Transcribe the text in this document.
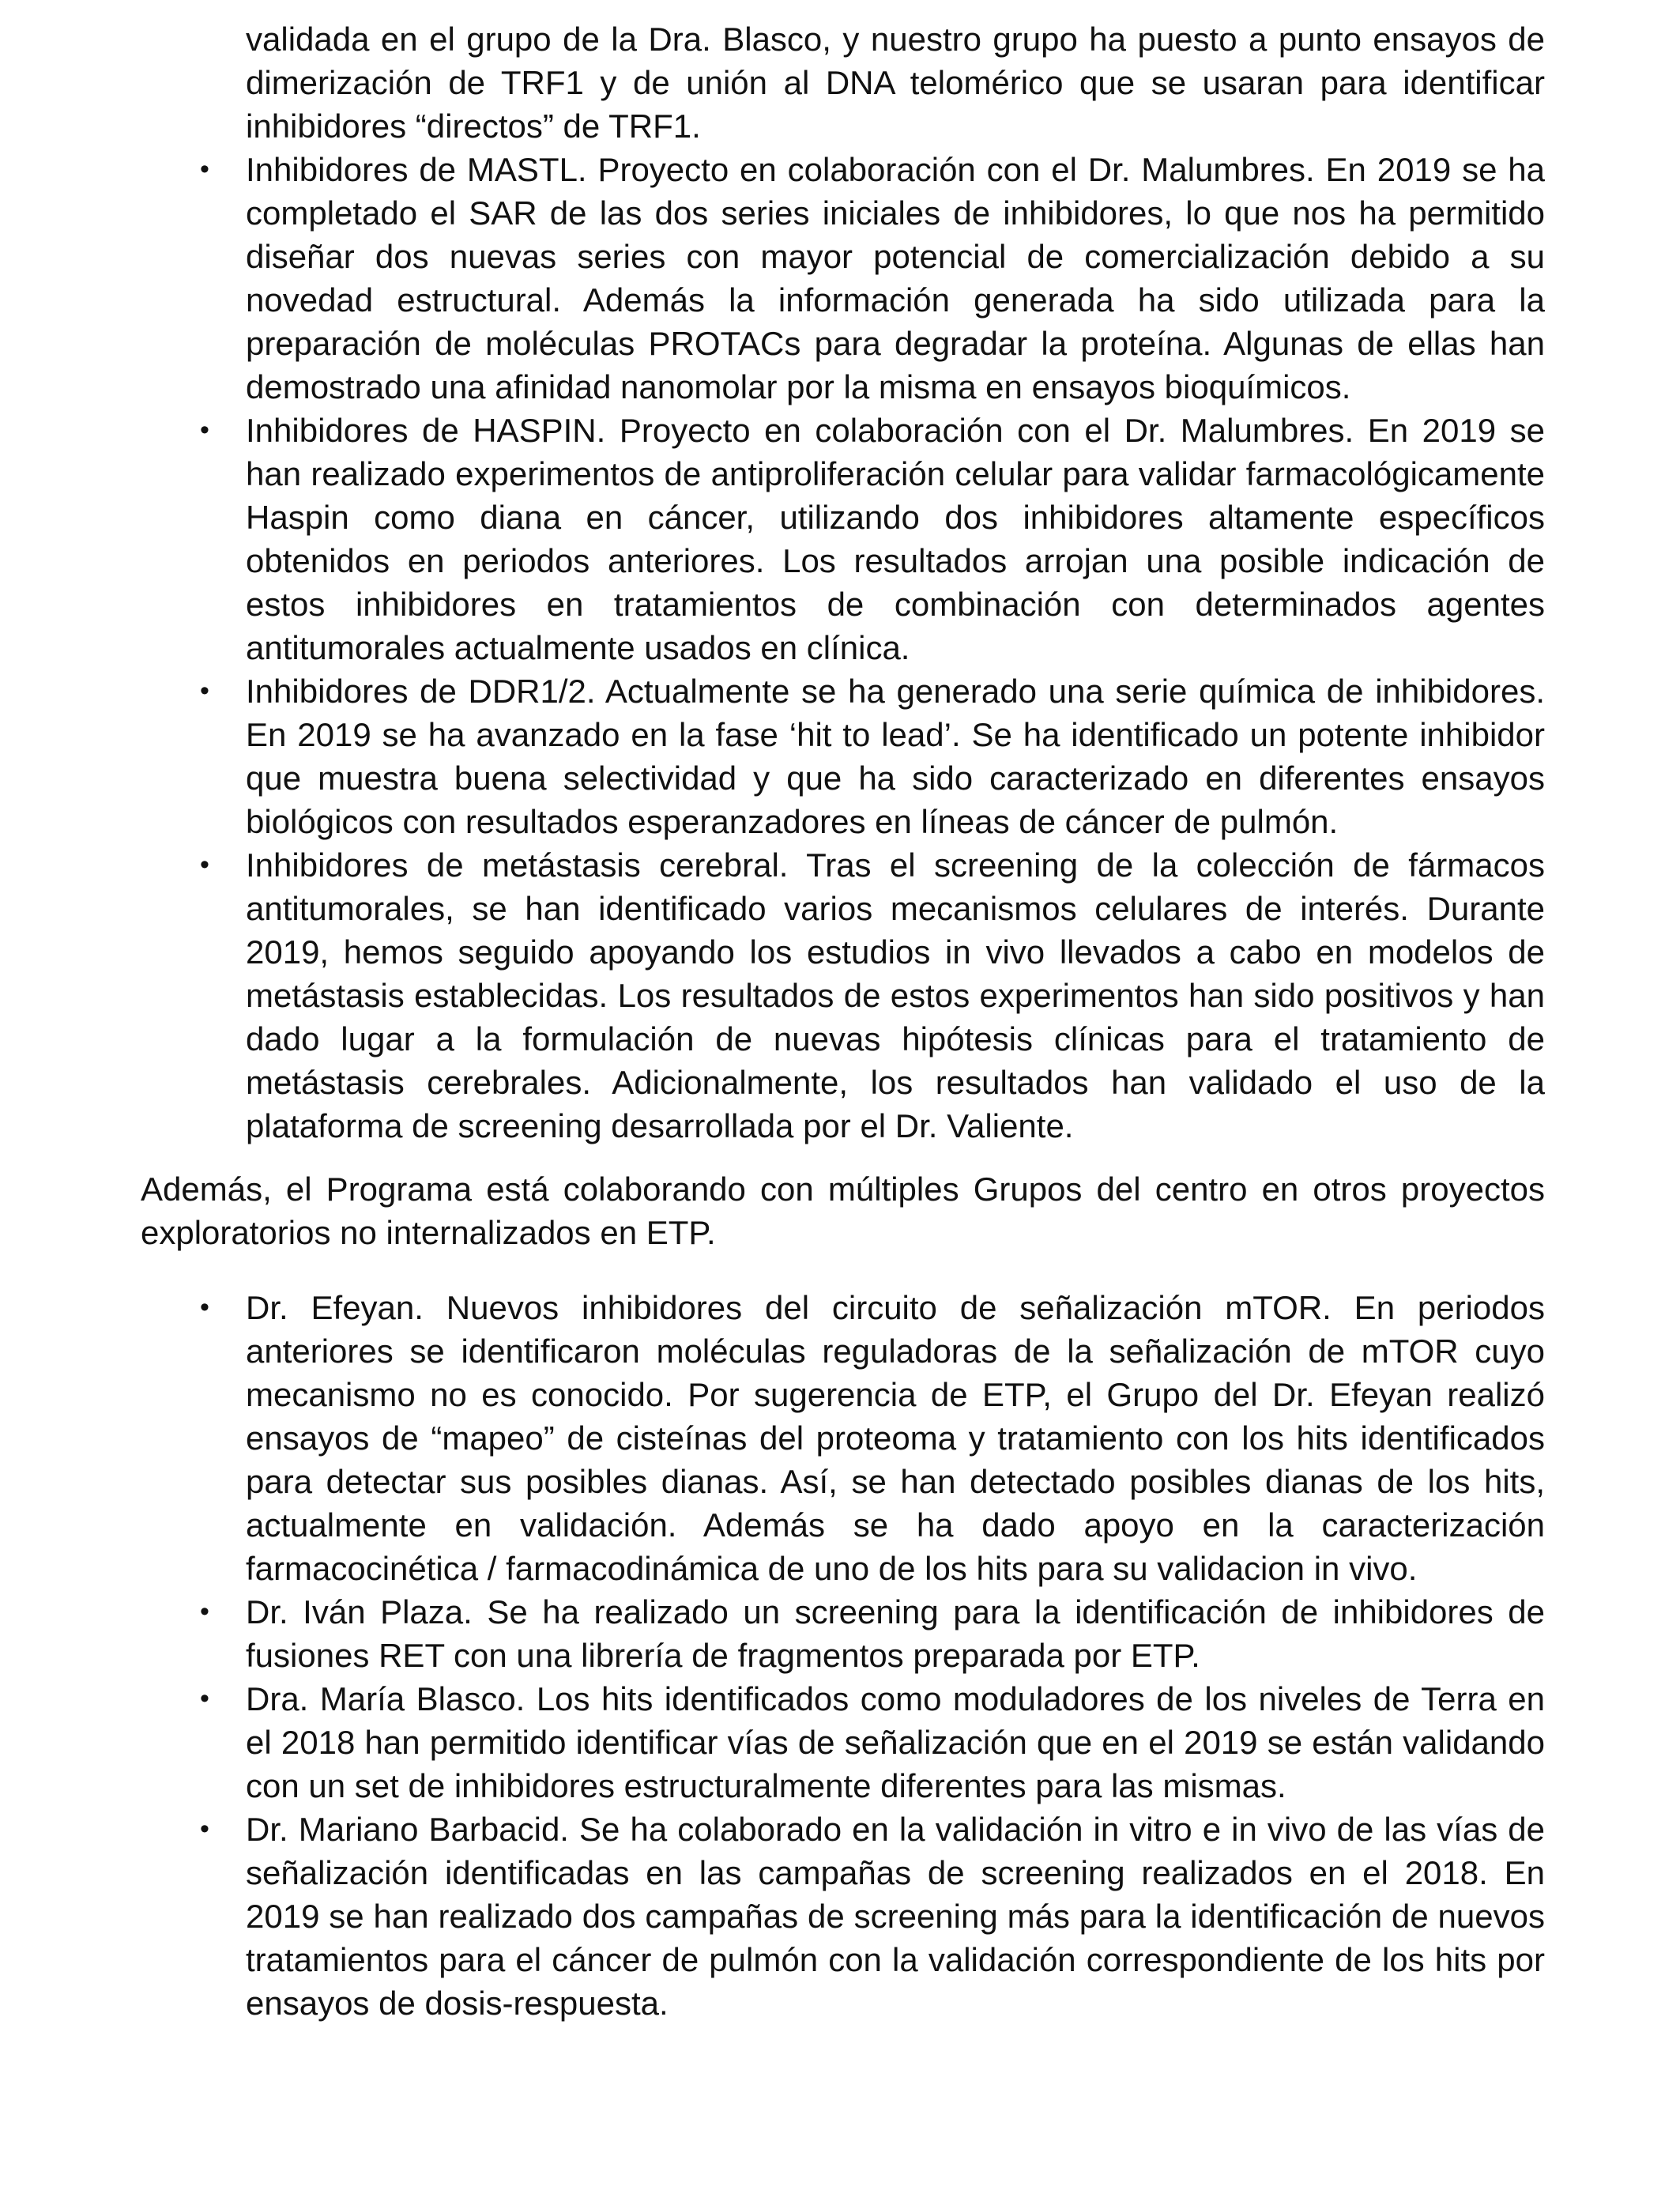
validada en el grupo de la Dra. Blasco, y nuestro grupo ha puesto a punto ensayos de dimerización de TRF1 y de unión al DNA telomérico que se usaran para identificar inhibidores “directos” de TRF1.
• Inhibidores de MASTL. Proyecto en colaboración con el Dr. Malumbres. En 2019 se ha completado el SAR de las dos series iniciales de inhibidores, lo que nos ha permitido diseñar dos nuevas series con mayor potencial de comercialización debido a su novedad estructural. Además la información generada ha sido utilizada para la preparación de moléculas PROTACs para degradar la proteína. Algunas de ellas han demostrado una afinidad nanomolar por la misma en ensayos bioquímicos.
• Inhibidores de HASPIN. Proyecto en colaboración con el Dr. Malumbres. En 2019 se han realizado experimentos de antiproliferación celular para validar farmacológicamente Haspin como diana en cáncer, utilizando dos inhibidores altamente específicos obtenidos en periodos anteriores. Los resultados arrojan una posible indicación de estos inhibidores en tratamientos de combinación con determinados agentes antitumorales actualmente usados en clínica.
• Inhibidores de DDR1/2. Actualmente se ha generado una serie química de inhibidores. En 2019 se ha avanzado en la fase ‘hit to lead’. Se ha identificado un potente inhibidor que muestra buena selectividad y que ha sido caracterizado en diferentes ensayos biológicos con resultados esperanzadores en líneas de cáncer de pulmón.
• Inhibidores de metástasis cerebral. Tras el screening de la colección de fármacos antitumorales, se han identificado varios mecanismos celulares de interés. Durante 2019, hemos seguido apoyando los estudios in vivo llevados a cabo en modelos de metástasis establecidas. Los resultados de estos experimentos han sido positivos y han dado lugar a la formulación de nuevas hipótesis clínicas para el tratamiento de metástasis cerebrales. Adicionalmente, los resultados han validado el uso de la plataforma de screening desarrollada por el Dr. Valiente.

Además, el Programa está colaborando con múltiples Grupos del centro en otros proyectos exploratorios no internalizados en ETP.

• Dr. Efeyan. Nuevos inhibidores del circuito de señalización mTOR. En periodos anteriores se identificaron moléculas reguladoras de la señalización de mTOR cuyo mecanismo no es conocido. Por sugerencia de ETP, el Grupo del Dr. Efeyan realizó ensayos de “mapeo” de cisteínas del proteoma y tratamiento con los hits identificados para detectar sus posibles dianas. Así, se han detectado posibles dianas de los hits, actualmente en validación. Además se ha dado apoyo en la caracterización farmacocinética / farmacodinámica de uno de los hits para su validacion in vivo.
• Dr. Iván Plaza. Se ha realizado un screening para la identificación de inhibidores de fusiones RET con una librería de fragmentos preparada por ETP.
• Dra. María Blasco. Los hits identificados como moduladores de los niveles de Terra en el 2018 han permitido identificar vías de señalización que en el 2019 se están validando con un set de inhibidores estructuralmente diferentes para las mismas.
• Dr. Mariano Barbacid. Se ha colaborado en la validación in vitro e in vivo de las vías de señalización identificadas en las campañas de screening realizados en el 2018. En 2019 se han realizado dos campañas de screening más para la identificación de nuevos tratamientos para el cáncer de pulmón con la validación correspondiente de los hits por ensayos de dosis-respuesta.
